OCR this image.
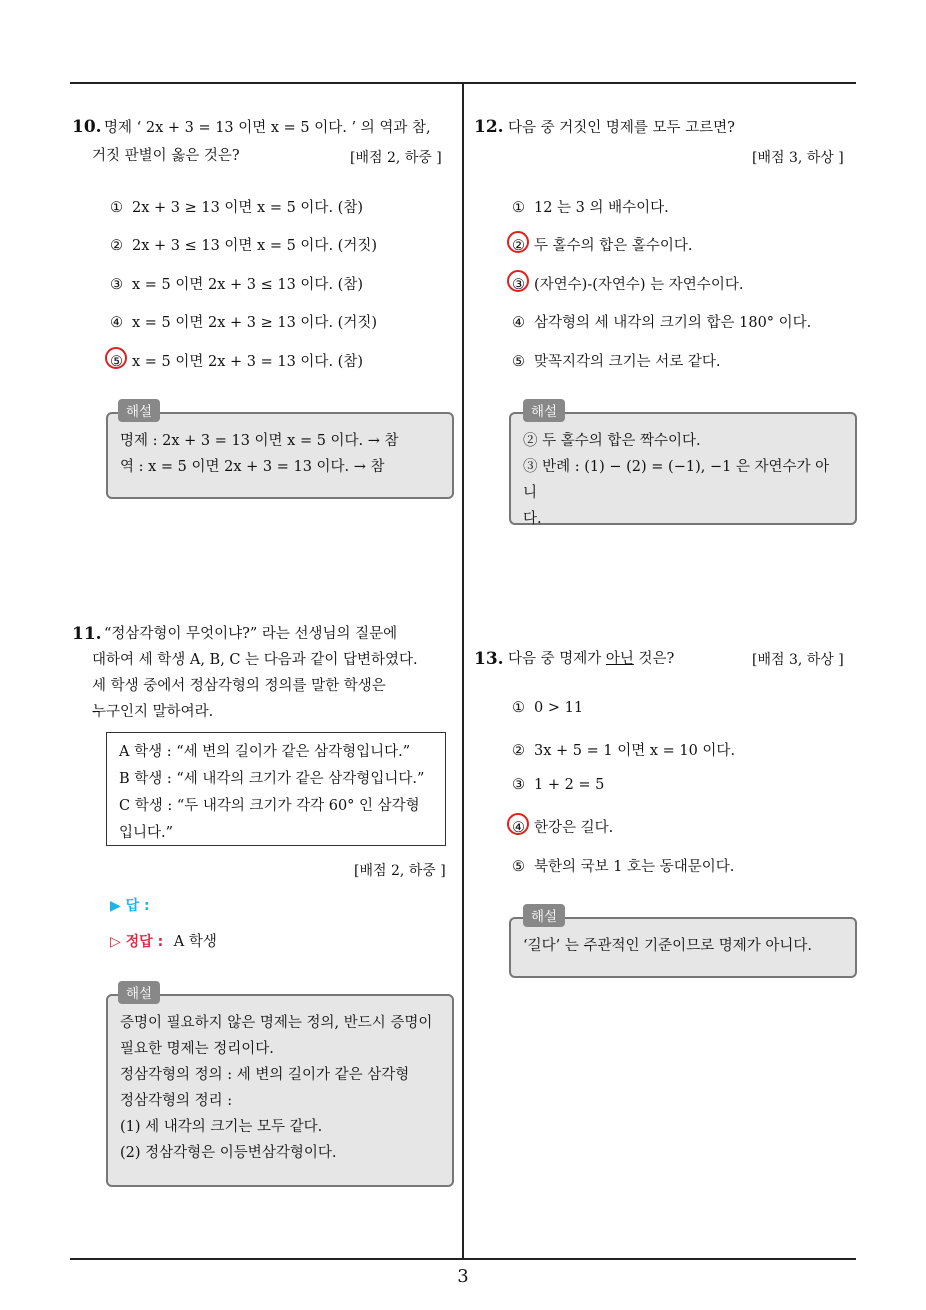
10. 명제 ‘ 2x + 3 = 13 이면 x = 5 이다. ’ 의 역과 참,
거짓 판별이 옳은 것은?	[배점 2, 하중 ]
① 2x + 3 ≥ 13 이면 x = 5 이다. (참)
② 2x + 3 ≤ 13 이면 x = 5 이다. (거짓)
③ x = 5 이면 2x + 3 ≤ 13 이다. (참)
④ x = 5 이면 2x + 3 ≥ 13 이다. (거짓)
⑤ x = 5 이면 2x + 3 = 13 이다. (참)
명제 : 2x + 3 = 13 이면 x = 5 이다. → 참
역 : x = 5 이면 2x + 3 = 13 이다. → 참
해설
11. “정삼각형이 무엇이냐?” 라는 선생님의 질문에
대하여 세 학생 A, B, C 는 다음과 같이 답변하였다.
세 학생 중에서 정삼각형의 정의를 말한 학생은
누구인지 말하여라.
A 학생 : “세 변의 길이가 같은 삼각형입니다.”
B 학생 : “세 내각의 크기가 같은 삼각형입니다.”
C 학생 : “두 내각의 크기가 각각 60° 인 삼각형
입니다.”
[배점 2, 하중 ]
▶ 답 :
▷ 정답 : A 학생
증명이 필요하지 않은 명제는 정의, 반드시 증명이
필요한 명제는 정리이다.
정삼각형의 정의 : 세 변의 길이가 같은 삼각형
정삼각형의 정리 :
(1) 세 내각의 크기는 모두 같다.
(2) 정삼각형은 이등변삼각형이다.
해설
12. 다음 중 거짓인 명제를 모두 고르면?
[배점 3, 하상 ]
① 12 는 3 의 배수이다.
② 두 홀수의 합은 홀수이다.
③ (자연수)-(자연수) 는 자연수이다.
④ 삼각형의 세 내각의 크기의 합은 180° 이다.
⑤ 맞꼭지각의 크기는 서로 같다.
② 두 홀수의 합은 짝수이다.
③ 반례 : (1) − (2) = (−1), −1 은 자연수가 아니
다.
해설
13. 다음 중 명제가 아닌 것은?	[배점 3, 하상 ]
① 0 > 11
② 3x + 5 = 1 이면 x = 10 이다.
③ 1 + 2 = 5
④ 한강은 길다.
⑤ 북한의 국보 1 호는 동대문이다.
‘길다’ 는 주관적인 기준이므로 명제가 아니다.
해설
3
